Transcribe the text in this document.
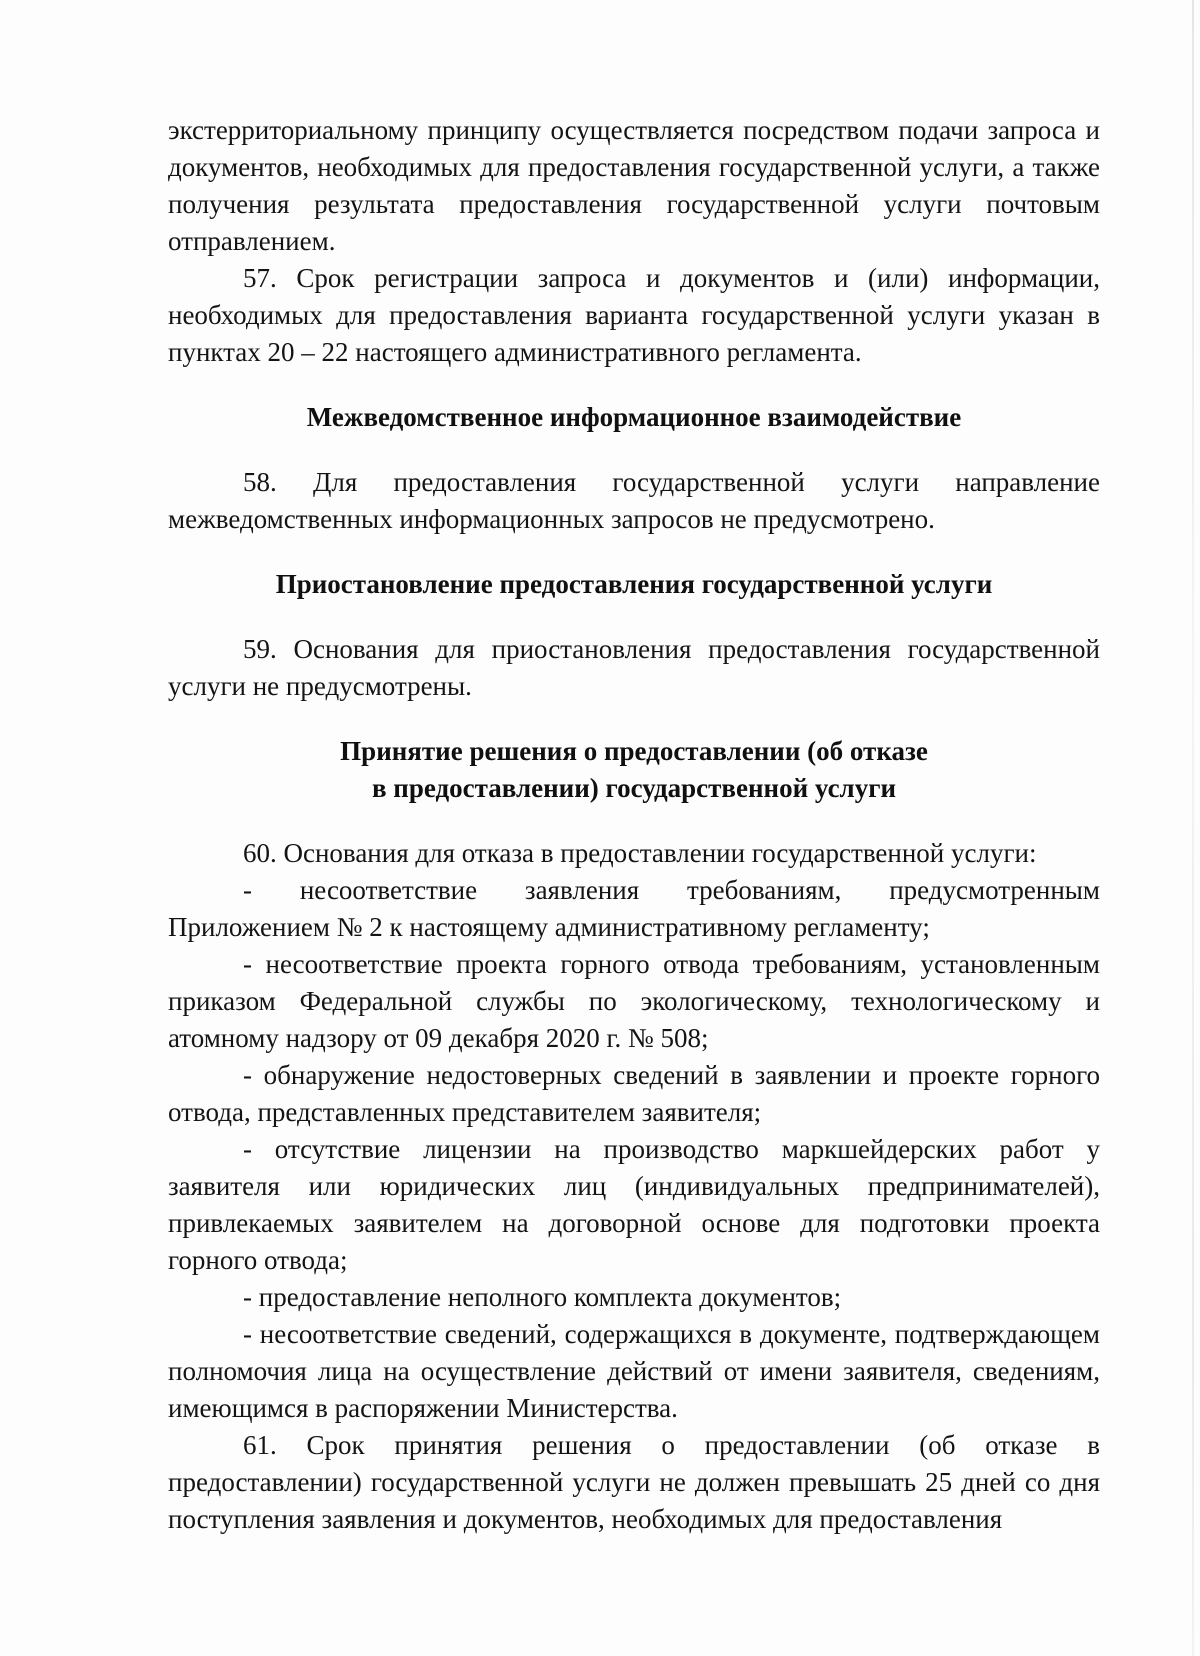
экстерриториальному принципу осуществляется посредством подачи запроса и документов, необходимых для предоставления государственной услуги, а также получения результата предоставления государственной услуги почтовым отправлением.

57. Срок регистрации запроса и документов и (или) информации, необходимых для предоставления варианта государственной услуги указан в пунктах 20 – 22 настоящего административного регламента.

Межведомственное информационное взаимодействие

58. Для предоставления государственной услуги направление межведомственных информационных запросов не предусмотрено.

Приостановление предоставления государственной услуги

59. Основания для приостановления предоставления государственной услуги не предусмотрены.

Принятие решения о предоставлении (об отказе
в предоставлении) государственной услуги

60. Основания для отказа в предоставлении государственной услуги:

- несоответствие заявления требованиям, предусмотренным Приложением № 2 к настоящему административному регламенту;

- несоответствие проекта горного отвода требованиям, установленным приказом Федеральной службы по экологическому, технологическому и атомному надзору от 09 декабря 2020 г. № 508;

- обнаружение недостоверных сведений в заявлении и проекте горного отвода, представленных представителем заявителя;

- отсутствие лицензии на производство маркшейдерских работ у заявителя или юридических лиц (индивидуальных предпринимателей), привлекаемых заявителем на договорной основе для подготовки проекта горного отвода;

- предоставление неполного комплекта документов;

- несоответствие сведений, содержащихся в документе, подтверждающем полномочия лица на осуществление действий от имени заявителя, сведениям, имеющимся в распоряжении Министерства.

61. Срок принятия решения о предоставлении (об отказе в предоставлении) государственной услуги не должен превышать 25 дней со дня поступления заявления и документов, необходимых для предоставления
